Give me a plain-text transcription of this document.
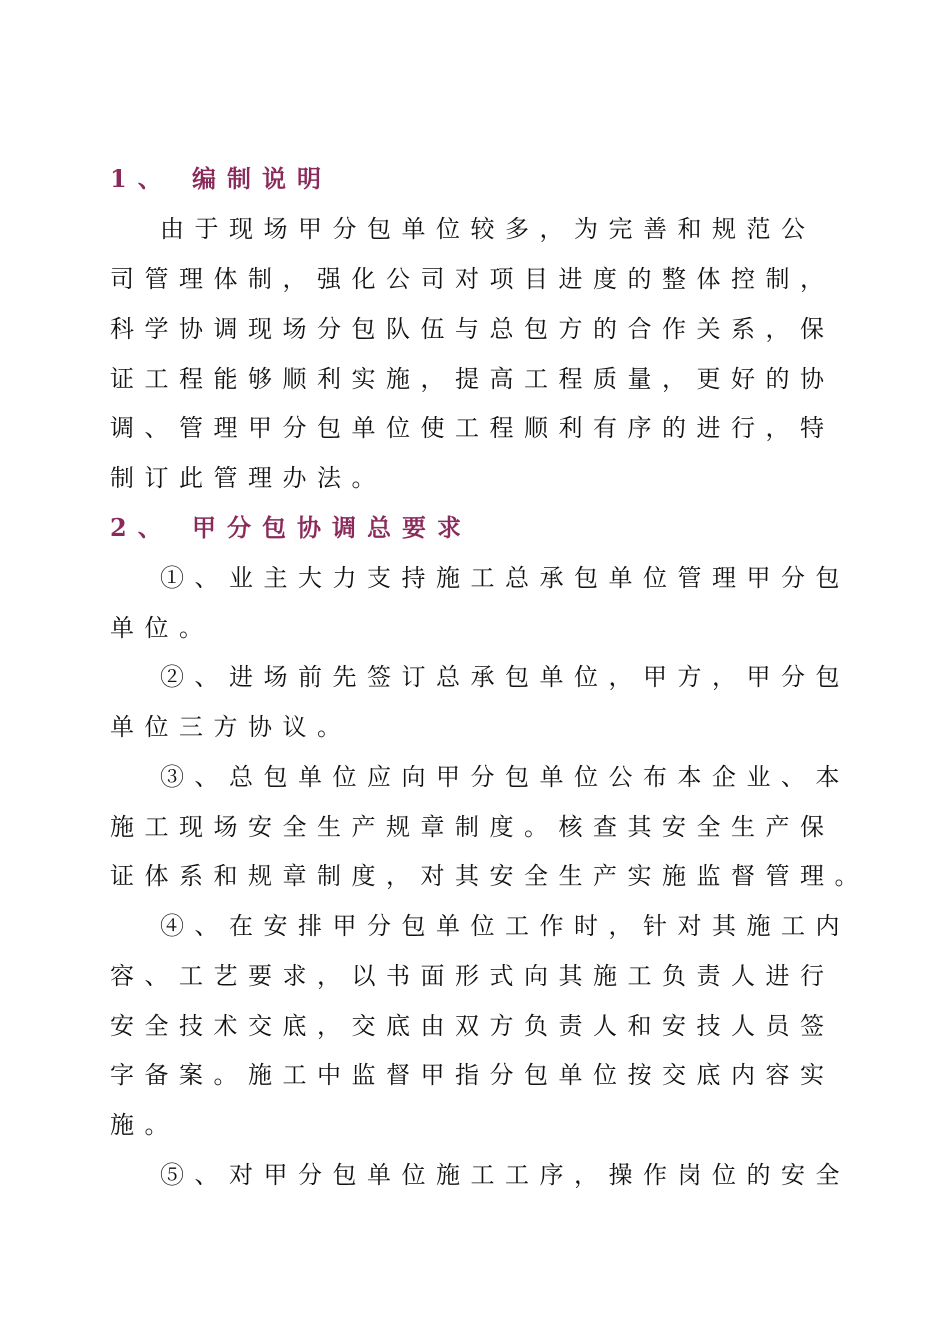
1、 编制说明
由于现场甲分包单位较多，为完善和规范公
司管理体制，强化公司对项目进度的整体控制，
科学协调现场分包队伍与总包方的合作关系，保
证工程能够顺利实施，提高工程质量，更好的协
调、管理甲分包单位使工程顺利有序的进行，特
制订此管理办法。
2、 甲分包协调总要求
①、业主大力支持施工总承包单位管理甲分包
单位。
②、进场前先签订总承包单位，甲方，甲分包
单位三方协议。
③、总包单位应向甲分包单位公布本企业、本
施工现场安全生产规章制度。核查其安全生产保
证体系和规章制度，对其安全生产实施监督管理。
④、在安排甲分包单位工作时，针对其施工内
容、工艺要求，以书面形式向其施工负责人进行
安全技术交底，交底由双方负责人和安技人员签
字备案。施工中监督甲指分包单位按交底内容实
施。
⑤、对甲分包单位施工工序，操作岗位的安全
